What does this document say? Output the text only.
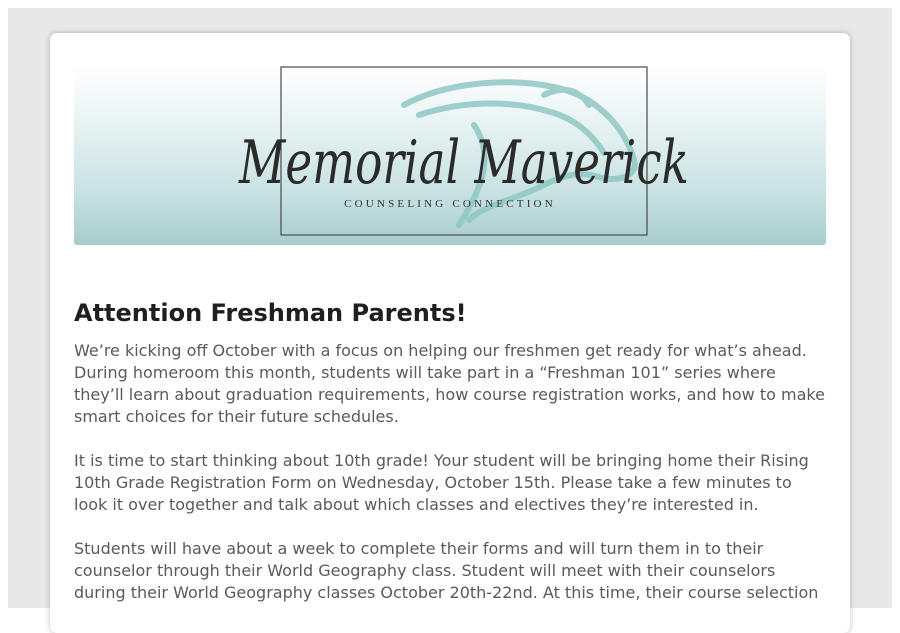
Memorial Maverick
COUNSELING CONNECTION
Attention Freshman Parents!

We’re kicking off October with a focus on helping our freshmen get ready for what’s ahead. During homeroom this month, students will take part in a “Freshman 101” series where they’ll learn about graduation requirements, how course registration works, and how to make smart choices for their future schedules.

It is time to start thinking about 10th grade! Your student will be bringing home their Rising 10th Grade Registration Form on Wednesday, October 15th. Please take a few minutes to look it over together and talk about which classes and electives they’re interested in.

Students will have about a week to complete their forms and will turn them in to their counselor through their World Geography class. Student will meet with their counselors during their World Geography classes October 20th-22nd. At this time, their course selection
